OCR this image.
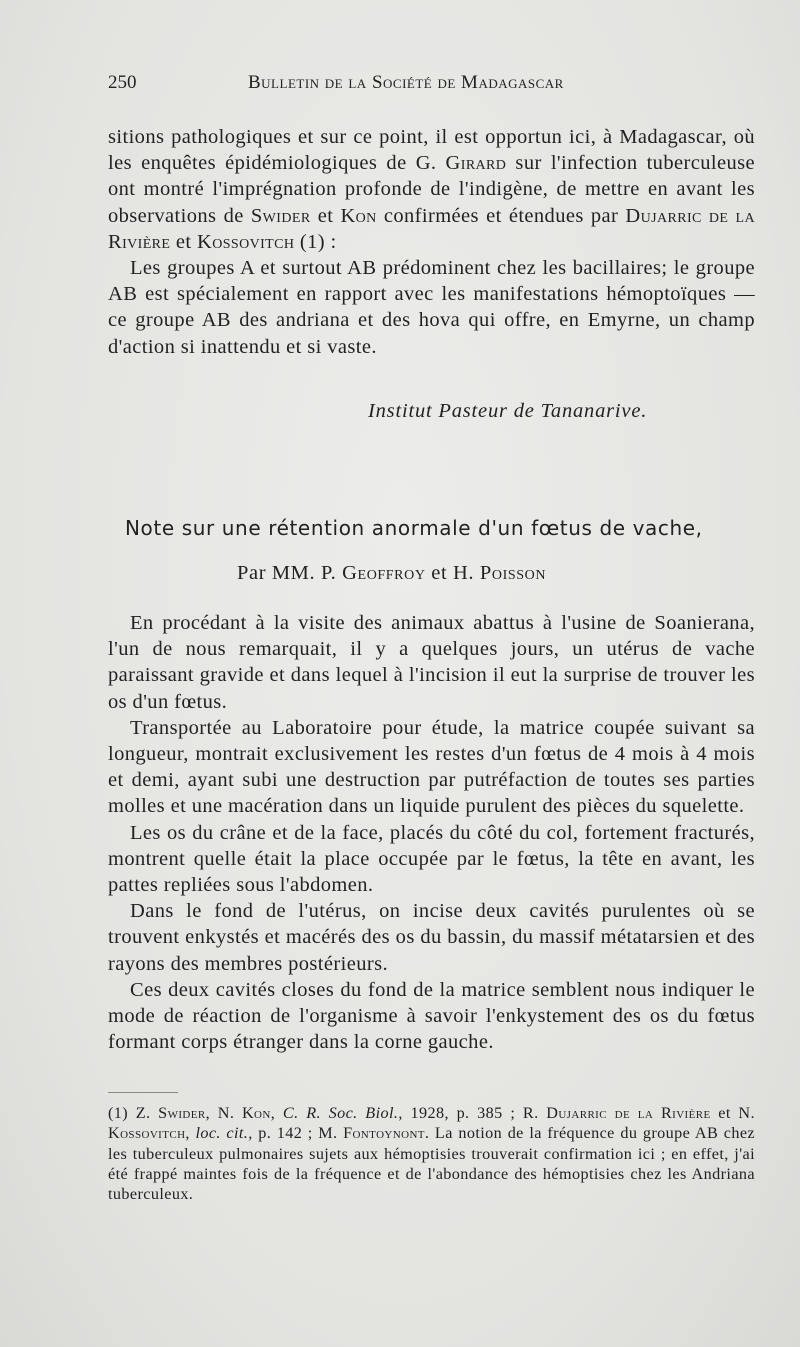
250	Bulletin de la Société de Madagascar

sitions pathologiques et sur ce point, il est opportun ici, à Madagascar, où les enquêtes épidémiologiques de G. Girard sur l'infection tuberculeuse ont montré l'imprégnation profonde de l'indigène, de mettre en avant les observations de Swider et Kon confirmées et étendues par Dujarric de la Rivière et Kossovitch (1) :

Les groupes A et surtout AB prédominent chez les bacillaires; le groupe AB est spécialement en rapport avec les manifestations hémoptoïques — ce groupe AB des andriana et des hova qui offre, en Emyrne, un champ d'action si inattendu et si vaste.

Institut Pasteur de Tananarive.
Note sur une rétention anormale d'un fœtus de vache,
Par MM. P. Geoffroy et H. Poisson

En procédant à la visite des animaux abattus à l'usine de Soanierana, l'un de nous remarquait, il y a quelques jours, un utérus de vache paraissant gravide et dans lequel à l'incision il eut la surprise de trouver les os d'un fœtus.

Transportée au Laboratoire pour étude, la matrice coupée suivant sa longueur, montrait exclusivement les restes d'un fœtus de 4 mois à 4 mois et demi, ayant subi une destruction par putréfaction de toutes ses parties molles et une macération dans un liquide purulent des pièces du squelette.

Les os du crâne et de la face, placés du côté du col, fortement fracturés, montrent quelle était la place occupée par le fœtus, la tête en avant, les pattes repliées sous l'abdomen.

Dans le fond de l'utérus, on incise deux cavités purulentes où se trouvent enkystés et macérés des os du bassin, du massif métatarsien et des rayons des membres postérieurs.

Ces deux cavités closes du fond de la matrice semblent nous indiquer le mode de réaction de l'organisme à savoir l'enkystement des os du fœtus formant corps étranger dans la corne gauche.

(1) Z. Swider, N. Kon, C. R. Soc. Biol., 1928, p. 385 ; R. Dujarric de la Rivière et N. Kossovitch, loc. cit., p. 142 ; M. Fontoynont. La notion de la fréquence du groupe AB chez les tuberculeux pulmonaires sujets aux hémoptisies trouverait confirmation ici ; en effet, j'ai été frappé maintes fois de la fréquence et de l'abondance des hémoptisies chez les Andriana tuberculeux.
